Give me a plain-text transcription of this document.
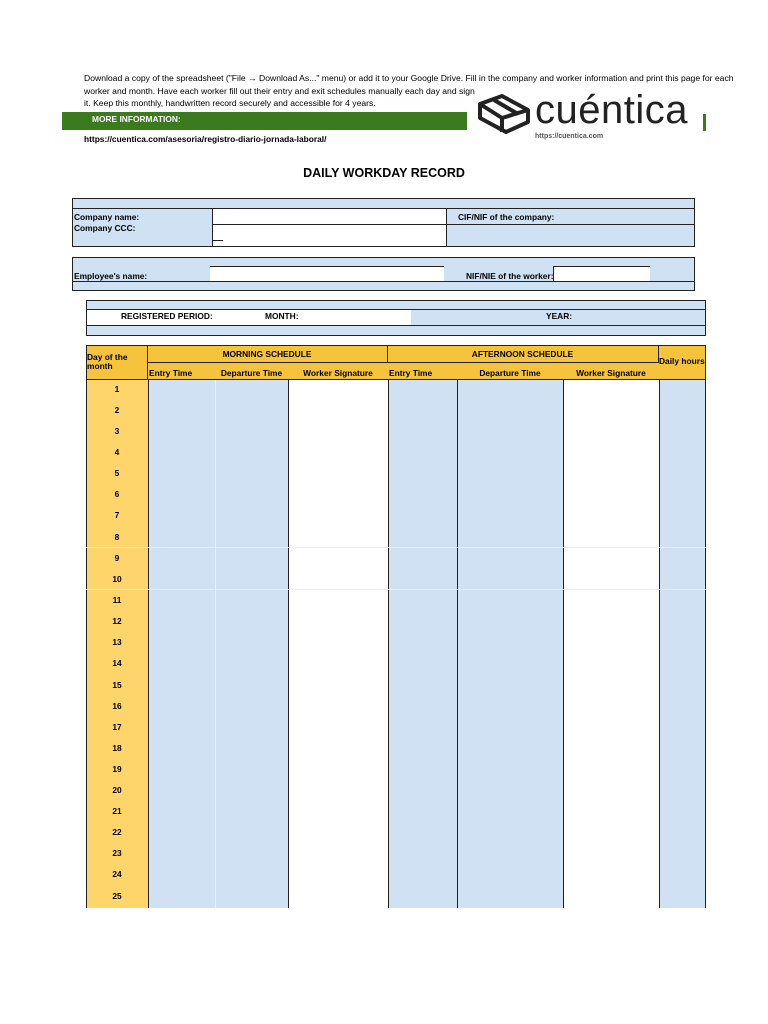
Download a copy of the spreadsheet ("File → Download As..." menu) or add it to your Google Drive. Fill in the company and worker information and print this page for each
worker and month. Have each worker fill out their entry and exit schedules manually each day and sign
it. Keep this monthly, handwritten record securely and accessible for 4 years.
MORE INFORMATION:
https://cuentica.com/asesoria/registro-diario-jornada-laboral/	https://cuentica.com
cuéntica
DAILY WORKDAY RECORD
Company name:
Company CCC:
CIF/NIF of the company:
Employee's name:	NIF/NIE of the worker:
REGISTERED PERIOD:	MONTH:	YEAR:
Day of the month
MORNING SCHEDULE	AFTERNOON SCHEDULE
Daily hours
Entry Time	Departure Time	Worker Signature	Entry Time	Departure Time	Worker Signature
1
2
3
4
5
6
7
8
9
10
11
12
13
14
15
16
17
18
19
20
21
22
23
24
25
